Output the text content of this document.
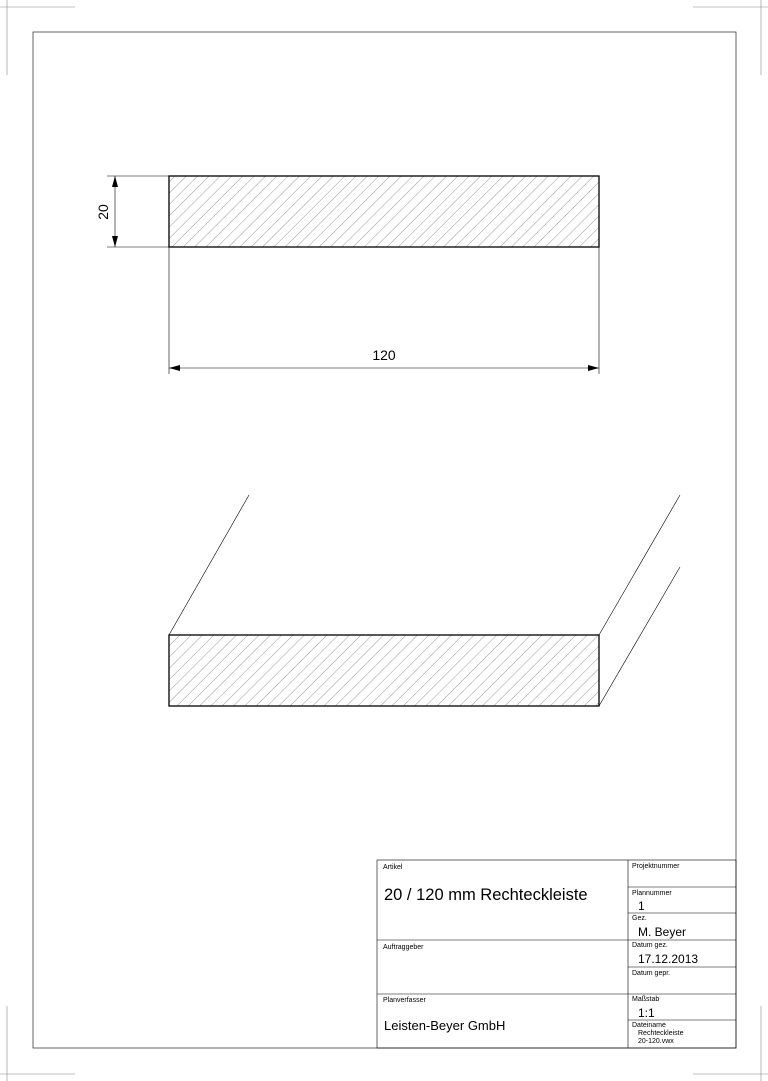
20
120
Artikel
20 / 120 mm Rechteckleiste
Auftraggeber
Planverfasser
Leisten-Beyer GmbH
Projektnummer
Plannummer
1
Gez.
M. Beyer
Datum gez.
17.12.2013
Datum gepr.
Maßstab
1:1
Dateiname
Rechteckleiste
20-120.vwx
